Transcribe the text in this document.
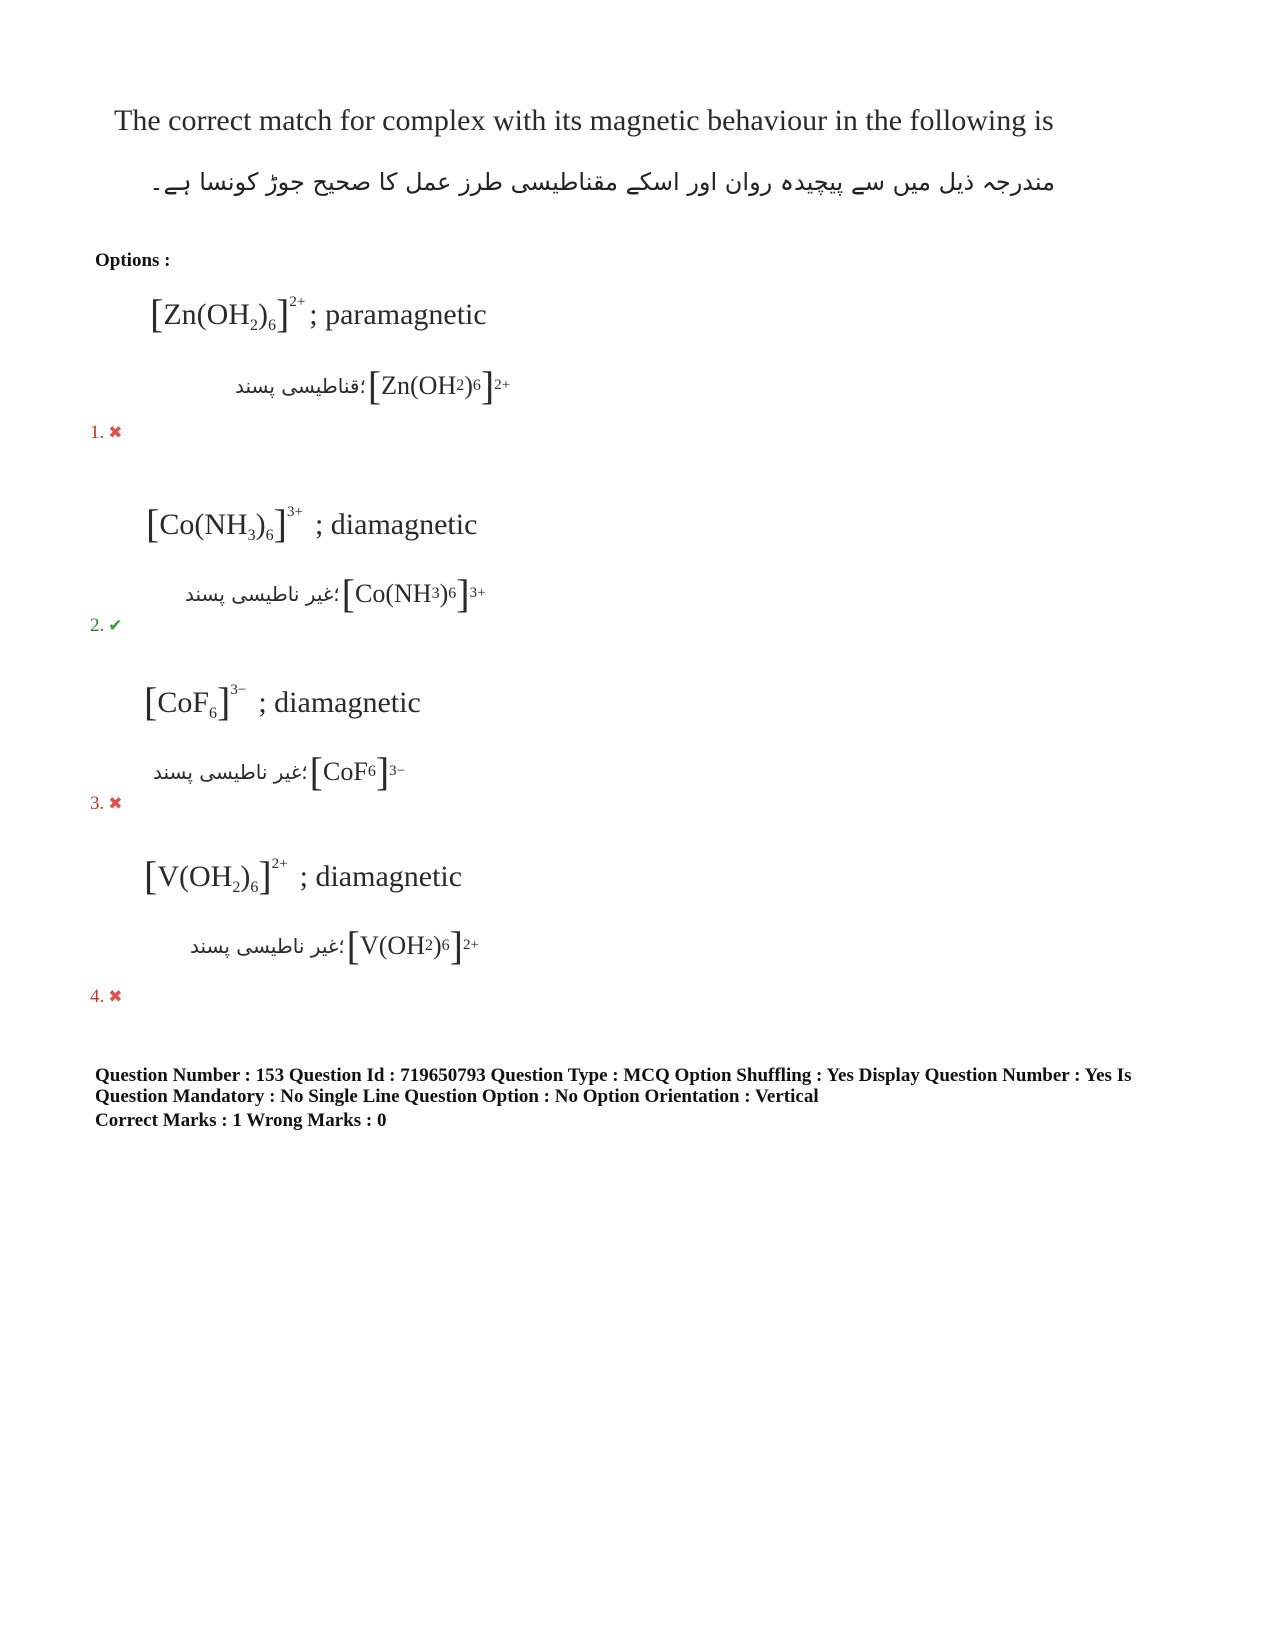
The correct match for complex with its magnetic behaviour in the following is
مندرجہ ذیل میں سے پیچیدہ روان اور اسکے مقناطیسی طرز عمل کا صحیح جوڑ کونسا ہے۔
Options :
$[Zn(OH_2)_6]^{2+}$ ; paramagnetic
؛قناطیسی پسند [ Zn(OH 2 ) 6 ] 2+
1. ✖
$[Co(NH_3)_6]^{3+}$ ; diamagnetic
؛غیر ناطیسی پسند [ Co(NH 3 ) 6 ] 3+
2. ✔
$[CoF_6]^{3-}$ ; diamagnetic
؛غیر ناطیسی پسند [ CoF 6 ] 3−
3. ✖
$[V(OH_2)_6]^{2+}$ ; diamagnetic
؛غیر ناطیسی پسند [ V(OH 2 ) 6 ] 2+
4. ✖
Question Number : 153 Question Id : 719650793 Question Type : MCQ Option Shuffling : Yes Display Question Number : Yes Is Question Mandatory : No Single Line Question Option : No Option Orientation : Vertical
Correct Marks : 1 Wrong Marks : 0
